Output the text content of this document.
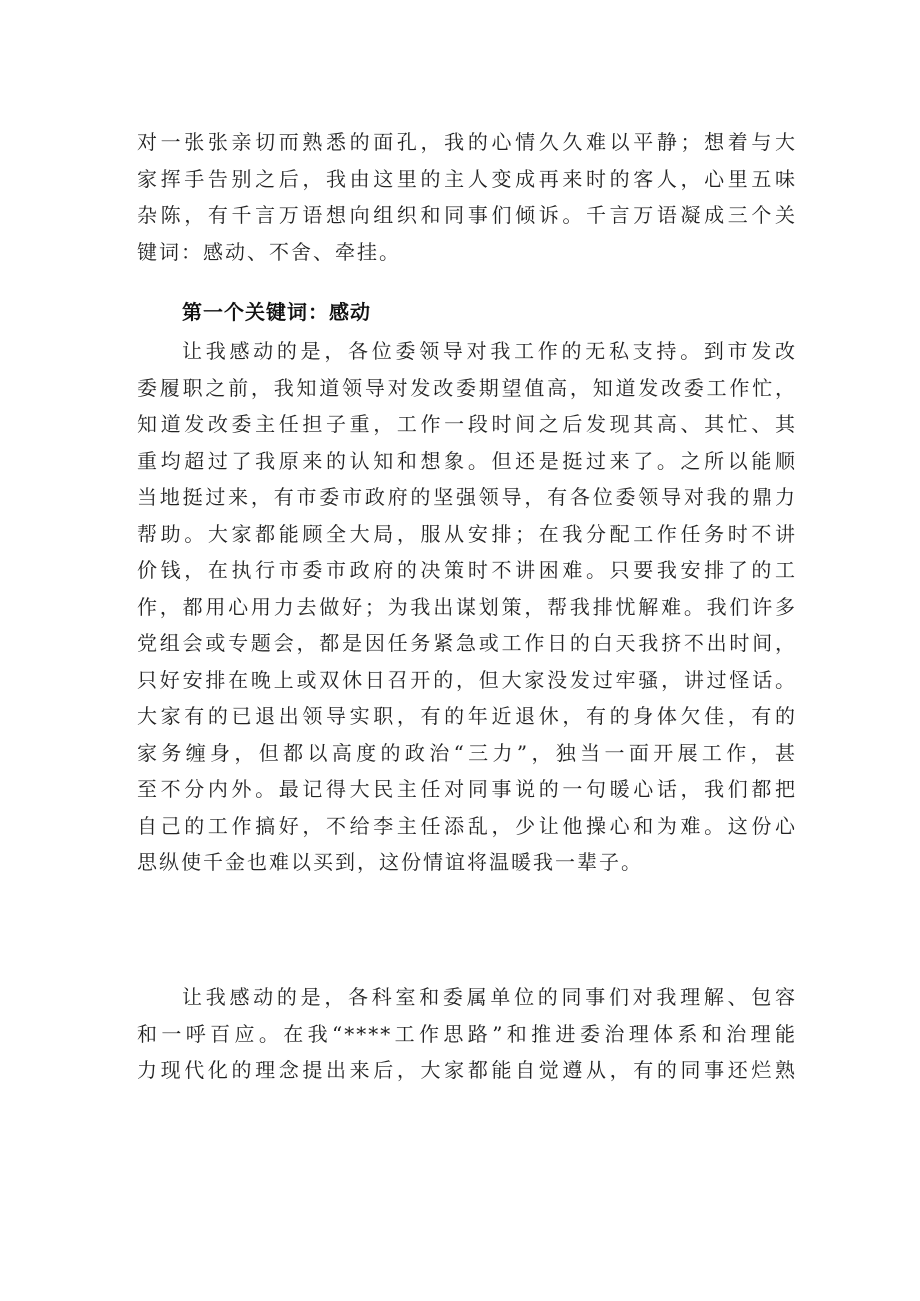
对一张张亲切而熟悉的面孔，我的心情久久难以平静；想着与大
家挥手告别之后，我由这里的主人变成再来时的客人，心里五味
杂陈，有千言万语想向组织和同事们倾诉。千言万语凝成三个关
键词：感动、不舍、牵挂。
第一个关键词：感动
让我感动的是，各位委领导对我工作的无私支持。到市发改
委履职之前，我知道领导对发改委期望值高，知道发改委工作忙，
知道发改委主任担子重，工作一段时间之后发现其高、其忙、其
重均超过了我原来的认知和想象。但还是挺过来了。之所以能顺
当地挺过来，有市委市政府的坚强领导，有各位委领导对我的鼎力
帮助。大家都能顾全大局，服从安排；在我分配工作任务时不讲
价钱，在执行市委市政府的决策时不讲困难。只要我安排了的工
作，都用心用力去做好；为我出谋划策，帮我排忧解难。我们许多
党组会或专题会，都是因任务紧急或工作日的白天我挤不出时间，
只好安排在晚上或双休日召开的，但大家没发过牢骚，讲过怪话。
大家有的已退出领导实职，有的年近退休，有的身体欠佳，有的
家务缠身，但都以高度的政治“三力”，独当一面开展工作，甚
至不分内外。最记得大民主任对同事说的一句暖心话，我们都把
自己的工作搞好，不给李主任添乱，少让他操心和为难。这份心
思纵使千金也难以买到，这份情谊将温暖我一辈子。
让我感动的是，各科室和委属单位的同事们对我理解、包容
和一呼百应。在我“****工作思路”和推进委治理体系和治理能
力现代化的理念提出来后，大家都能自觉遵从，有的同事还烂熟
